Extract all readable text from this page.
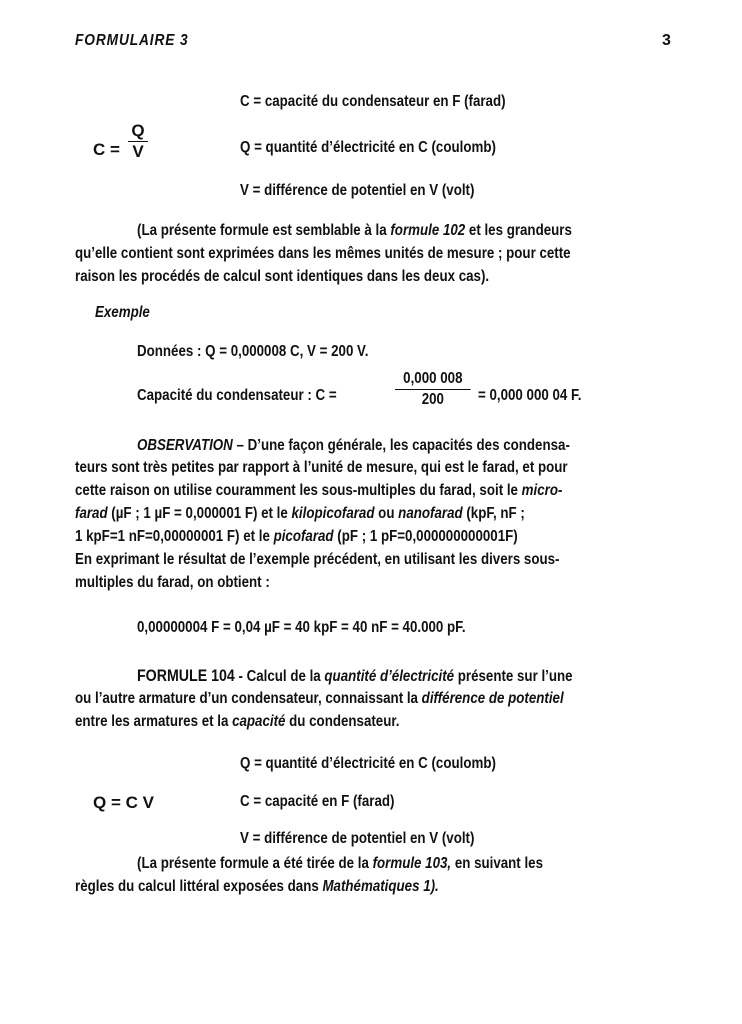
FORMULAIRE 3	3
C =
Q
V
C = capacité du condensateur en F (farad)
Q = quantité d’électricité en C (coulomb)
V = différence de potentiel en V (volt)
(La présente formule est semblable à la formule 102 et les grandeurs
qu’elle contient sont exprimées dans les mêmes unités de mesure ; pour cette
raison les procédés de calcul sont identiques dans les deux cas).
Exemple
Données : Q = 0,000008 C, V = 200 V.
Capacité du condensateur : C =
0,000 008
200	= 0,000 000 04 F.
OBSERVATION – D’une façon générale, les capacités des condensa-
teurs sont très petites par rapport à l’unité de mesure, qui est le farad, et pour
cette raison on utilise couramment les sous-multiples du farad, soit le micro-
farad (µF ; 1 µF = 0,000001 F) et le kilopicofarad ou nanofarad (kpF, nF ;
1 kpF=1 nF=0,00000001 F) et le picofarad (pF ; 1 pF=0,000000000001F)
En exprimant le résultat de l’exemple précédent, en utilisant les divers sous-
multiples du farad, on obtient :
0,00000004 F = 0,04 µF = 40 kpF = 40 nF = 40.000 pF.
FORMULE 104 - Calcul de la quantité d’électricité présente sur l’une
ou l’autre armature d’un condensateur, connaissant la différence de potentiel
entre les armatures et la capacité du condensateur.
Q = quantité d’électricité en C (coulomb)
Q = C V	C = capacité en F (farad)
V = différence de potentiel en V (volt)
(La présente formule a été tirée de la formule 103, en suivant les
règles du calcul littéral exposées dans Mathématiques 1).
